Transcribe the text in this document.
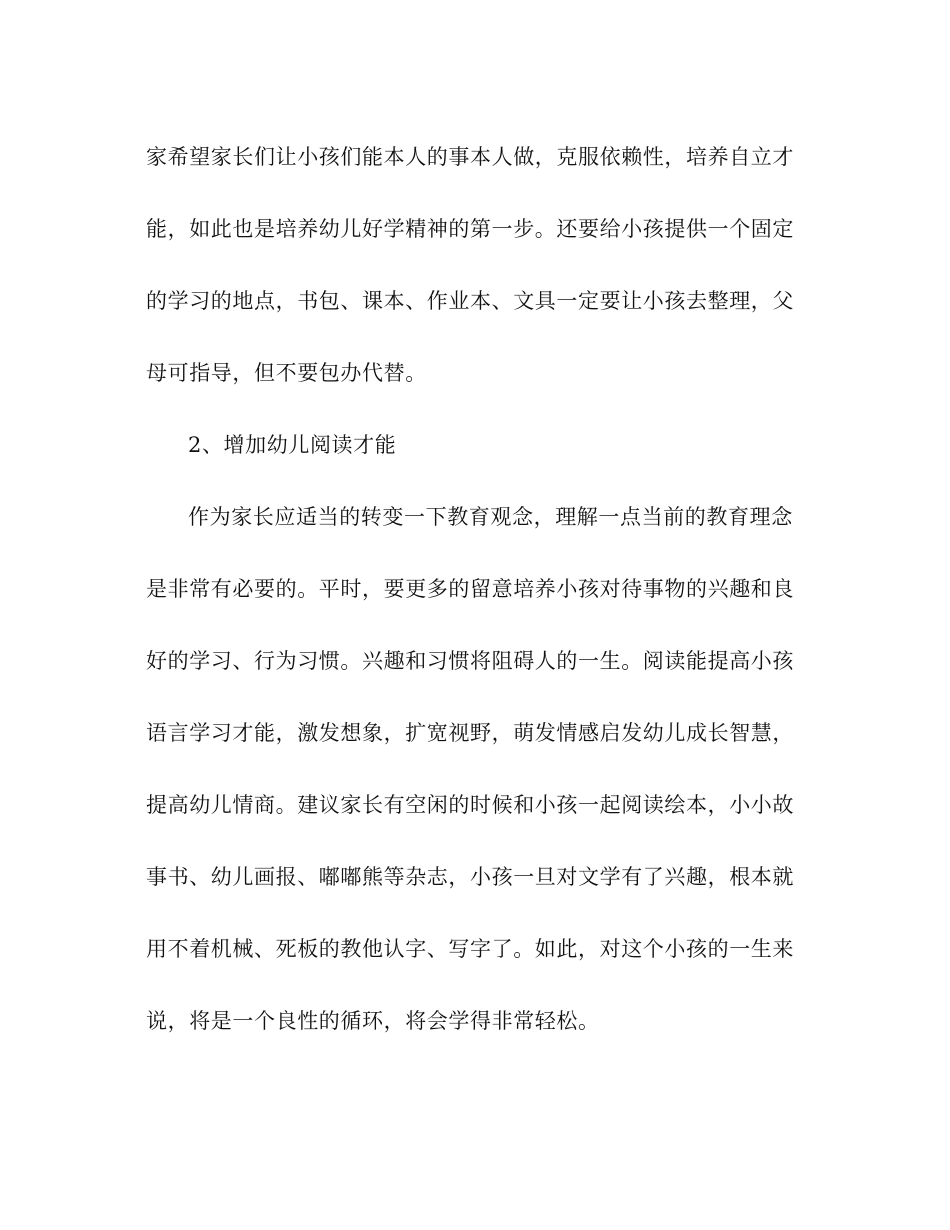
家希望家长们让小孩们能本人的事本人做，克服依赖性，培养自立才
能，如此也是培养幼儿好学精神的第一步。还要给小孩提供一个固定
的学习的地点，书包、课本、作业本、文具一定要让小孩去整理，父
母可指导，但不要包办代替。
2、增加幼儿阅读才能
作为家长应适当的转变一下教育观念，理解一点当前的教育理念
是非常有必要的。平时，要更多的留意培养小孩对待事物的兴趣和良
好的学习、行为习惯。兴趣和习惯将阻碍人的一生。阅读能提高小孩
语言学习才能，激发想象，扩宽视野，萌发情感启发幼儿成长智慧，
提高幼儿情商。建议家长有空闲的时候和小孩一起阅读绘本，小小故
事书、幼儿画报、嘟嘟熊等杂志，小孩一旦对文学有了兴趣，根本就
用不着机械、死板的教他认字、写字了。如此，对这个小孩的一生来
说，将是一个良性的循环，将会学得非常轻松。
